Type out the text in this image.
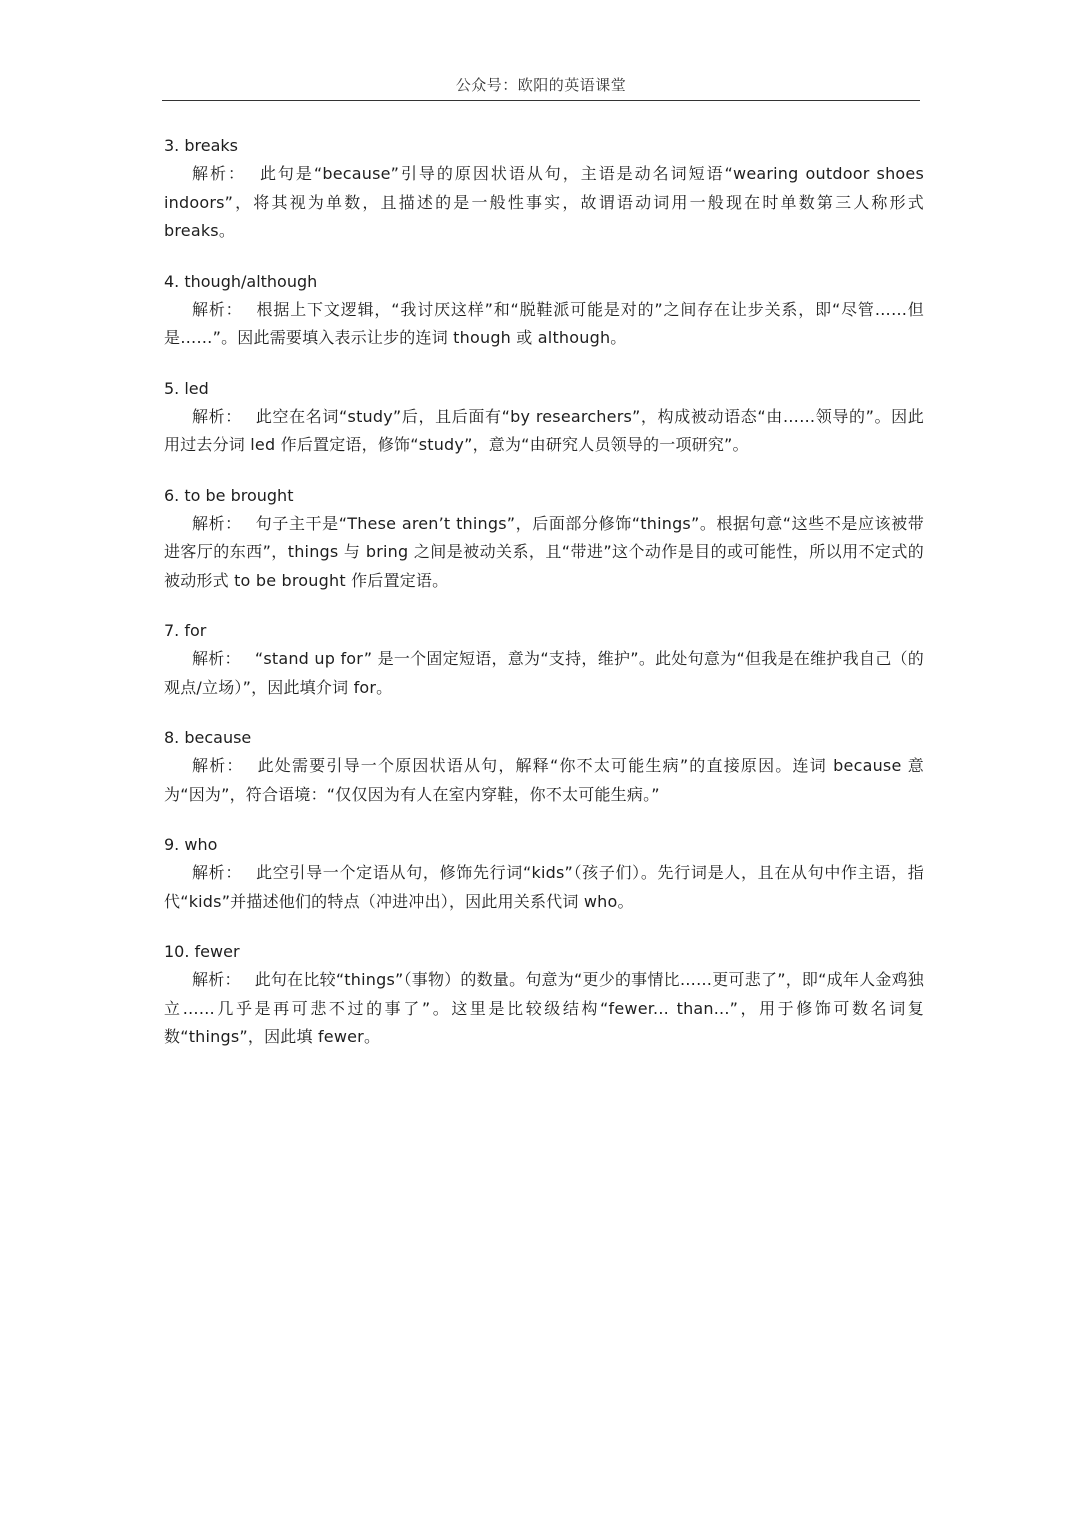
公众号：欧阳的英语课堂
3. breaks
解析： 此句是“because”引导的原因状语从句，主语是动名词短语“wearing outdoor shoes indoors”，将其视为单数，且描述的是一般性事实，故谓语动词用一般现在时单数第三人称形式 breaks。
4. though/although
解析： 根据上下文逻辑，“我讨厌这样”和“脱鞋派可能是对的”之间存在让步关系，即“尽管……但是……”。因此需要填入表示让步的连词 though 或 although。
5. led
解析： 此空在名词“study”后，且后面有“by researchers”，构成被动语态“由……领导的”。因此用过去分词 led 作后置定语，修饰“study”，意为“由研究人员领导的一项研究”。
6. to be brought
解析： 句子主干是“These aren’t things”，后面部分修饰“things”。根据句意“这些不是应该被带进客厅的东西”，things 与 bring 之间是被动关系，且“带进”这个动作是目的或可能性，所以用不定式的被动形式 to be brought 作后置定语。
7. for
解析： “stand up for” 是一个固定短语，意为“支持，维护”。此处句意为“但我是在维护我自己（的观点/立场）”，因此填介词 for。
8. because
解析： 此处需要引导一个原因状语从句，解释“你不太可能生病”的直接原因。连词 because 意为“因为”，符合语境：“仅仅因为有人在室内穿鞋，你不太可能生病。”
9. who
解析： 此空引导一个定语从句，修饰先行词“kids”（孩子们）。先行词是人，且在从句中作主语，指代“kids”并描述他们的特点（冲进冲出），因此用关系代词 who。
10. fewer
解析： 此句在比较“things”（事物）的数量。句意为“更少的事情比……更可悲了”，即“成年人金鸡独立……几乎是再可悲不过的事了”。这里是比较级结构“fewer... than...”，用于修饰可数名词复数“things”，因此填 fewer。
